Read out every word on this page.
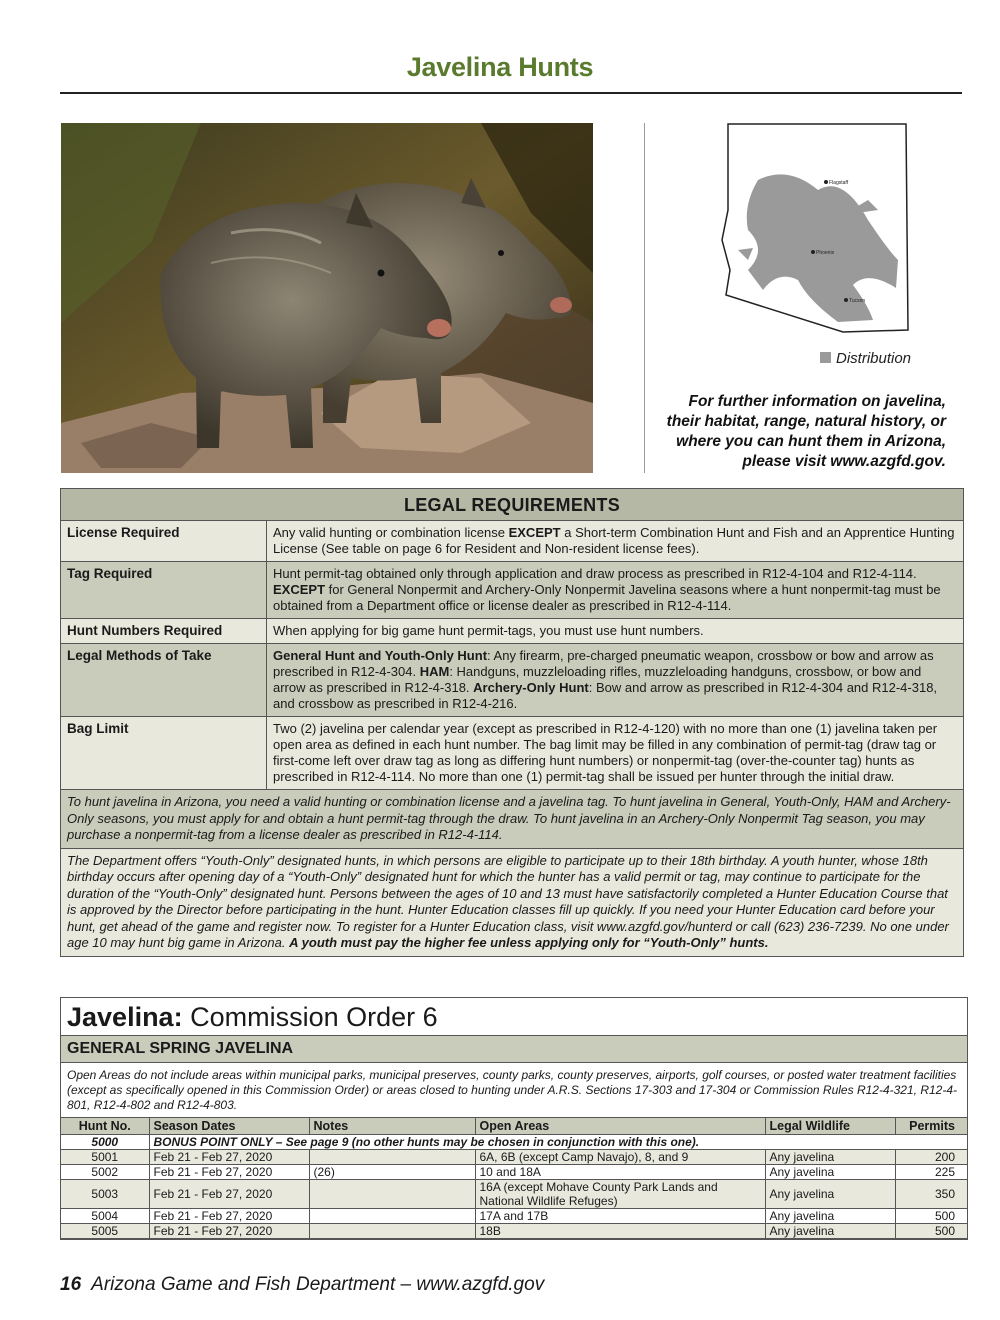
Javelina Hunts
Flagstaff
Phoenix
Tucson
Distribution
For further information on javelina, their habitat, range, natural history, or where you can hunt them in Arizona, please visit www.azgfd.gov.
LEGAL REQUIREMENTS
License Required	Any valid hunting or combination license EXCEPT a Short-term Combination Hunt and Fish and an Apprentice Hunting License (See table on page 6 for Resident and Non-resident license fees).
Tag Required	Hunt permit-tag obtained only through application and draw process as prescribed in R12-4-104 and R12-4-114. EXCEPT for General Nonpermit and Archery-Only Nonpermit Javelina seasons where a hunt nonpermit-tag must be obtained from a Department office or license dealer as prescribed in R12-4-114.
Hunt Numbers Required	When applying for big game hunt permit-tags, you must use hunt numbers.
Legal Methods of Take	General Hunt and Youth-Only Hunt: Any firearm, pre-charged pneumatic weapon, crossbow or bow and arrow as prescribed in R12-4-304. HAM: Handguns, muzzleloading rifles, muzzleloading handguns, crossbow, or bow and arrow as prescribed in R12-4-318. Archery-Only Hunt: Bow and arrow as prescribed in R12-4-304 and R12-4-318, and crossbow as prescribed in R12-4-216.
Bag Limit	Two (2) javelina per calendar year (except as prescribed in R12-4-120) with no more than one (1) javelina taken per open area as defined in each hunt number. The bag limit may be filled in any combination of permit-tag (draw tag or first-come left over draw tag as long as differing hunt numbers) or nonpermit-tag (over-the-counter tag) hunts as prescribed in R12-4-114. No more than one (1) permit-tag shall be issued per hunter through the initial draw.
To hunt javelina in Arizona, you need a valid hunting or combination license and a javelina tag. To hunt javelina in General, Youth-Only, HAM and Archery-Only seasons, you must apply for and obtain a hunt permit-tag through the draw. To hunt javelina in an Archery-Only Nonpermit Tag season, you may purchase a nonpermit-tag from a license dealer as prescribed in R12-4-114.
The Department offers “Youth-Only” designated hunts, in which persons are eligible to participate up to their 18th birthday. A youth hunter, whose 18th birthday occurs after opening day of a “Youth-Only” designated hunt for which the hunter has a valid permit or tag, may continue to participate for the duration of the “Youth-Only” designated hunt. Persons between the ages of 10 and 13 must have satisfactorily completed a Hunter Education Course that is approved by the Director before participating in the hunt. Hunter Education classes fill up quickly. If you need your Hunter Education card before your hunt, get ahead of the game and register now. To register for a Hunter Education class, visit www.azgfd.gov/hunterd or call (623) 236-7239. No one under age 10 may hunt big game in Arizona. A youth must pay the higher fee unless applying only for “Youth-Only” hunts.
Javelina: Commission Order 6
GENERAL SPRING JAVELINA
Open Areas do not include areas within municipal parks, municipal preserves, county parks, county preserves, airports, golf courses, or posted water treatment facilities (except as specifically opened in this Commission Order) or areas closed to hunting under A.R.S. Sections 17-303 and 17-304 or Commission Rules R12-4-321, R12-4-801, R12-4-802 and R12-4-803.
Hunt No.	Season Dates	Notes	Open Areas	Legal Wildlife	Permits
5000	BONUS POINT ONLY – See page 9 (no other hunts may be chosen in conjunction with this one).				
5001	Feb 21 - Feb 27, 2020		6A, 6B (except Camp Navajo), 8, and 9	Any javelina	200
5002	Feb 21 - Feb 27, 2020	(26)	10 and 18A	Any javelina	225
5003	Feb 21 - Feb 27, 2020		16A (except Mohave County Park Lands and National Wildlife Refuges)	Any javelina	350
5004	Feb 21 - Feb 27, 2020		17A and 17B	Any javelina	500
5005	Feb 21 - Feb 27, 2020		18B	Any javelina	500
16 Arizona Game and Fish Department – www.azgfd.gov
